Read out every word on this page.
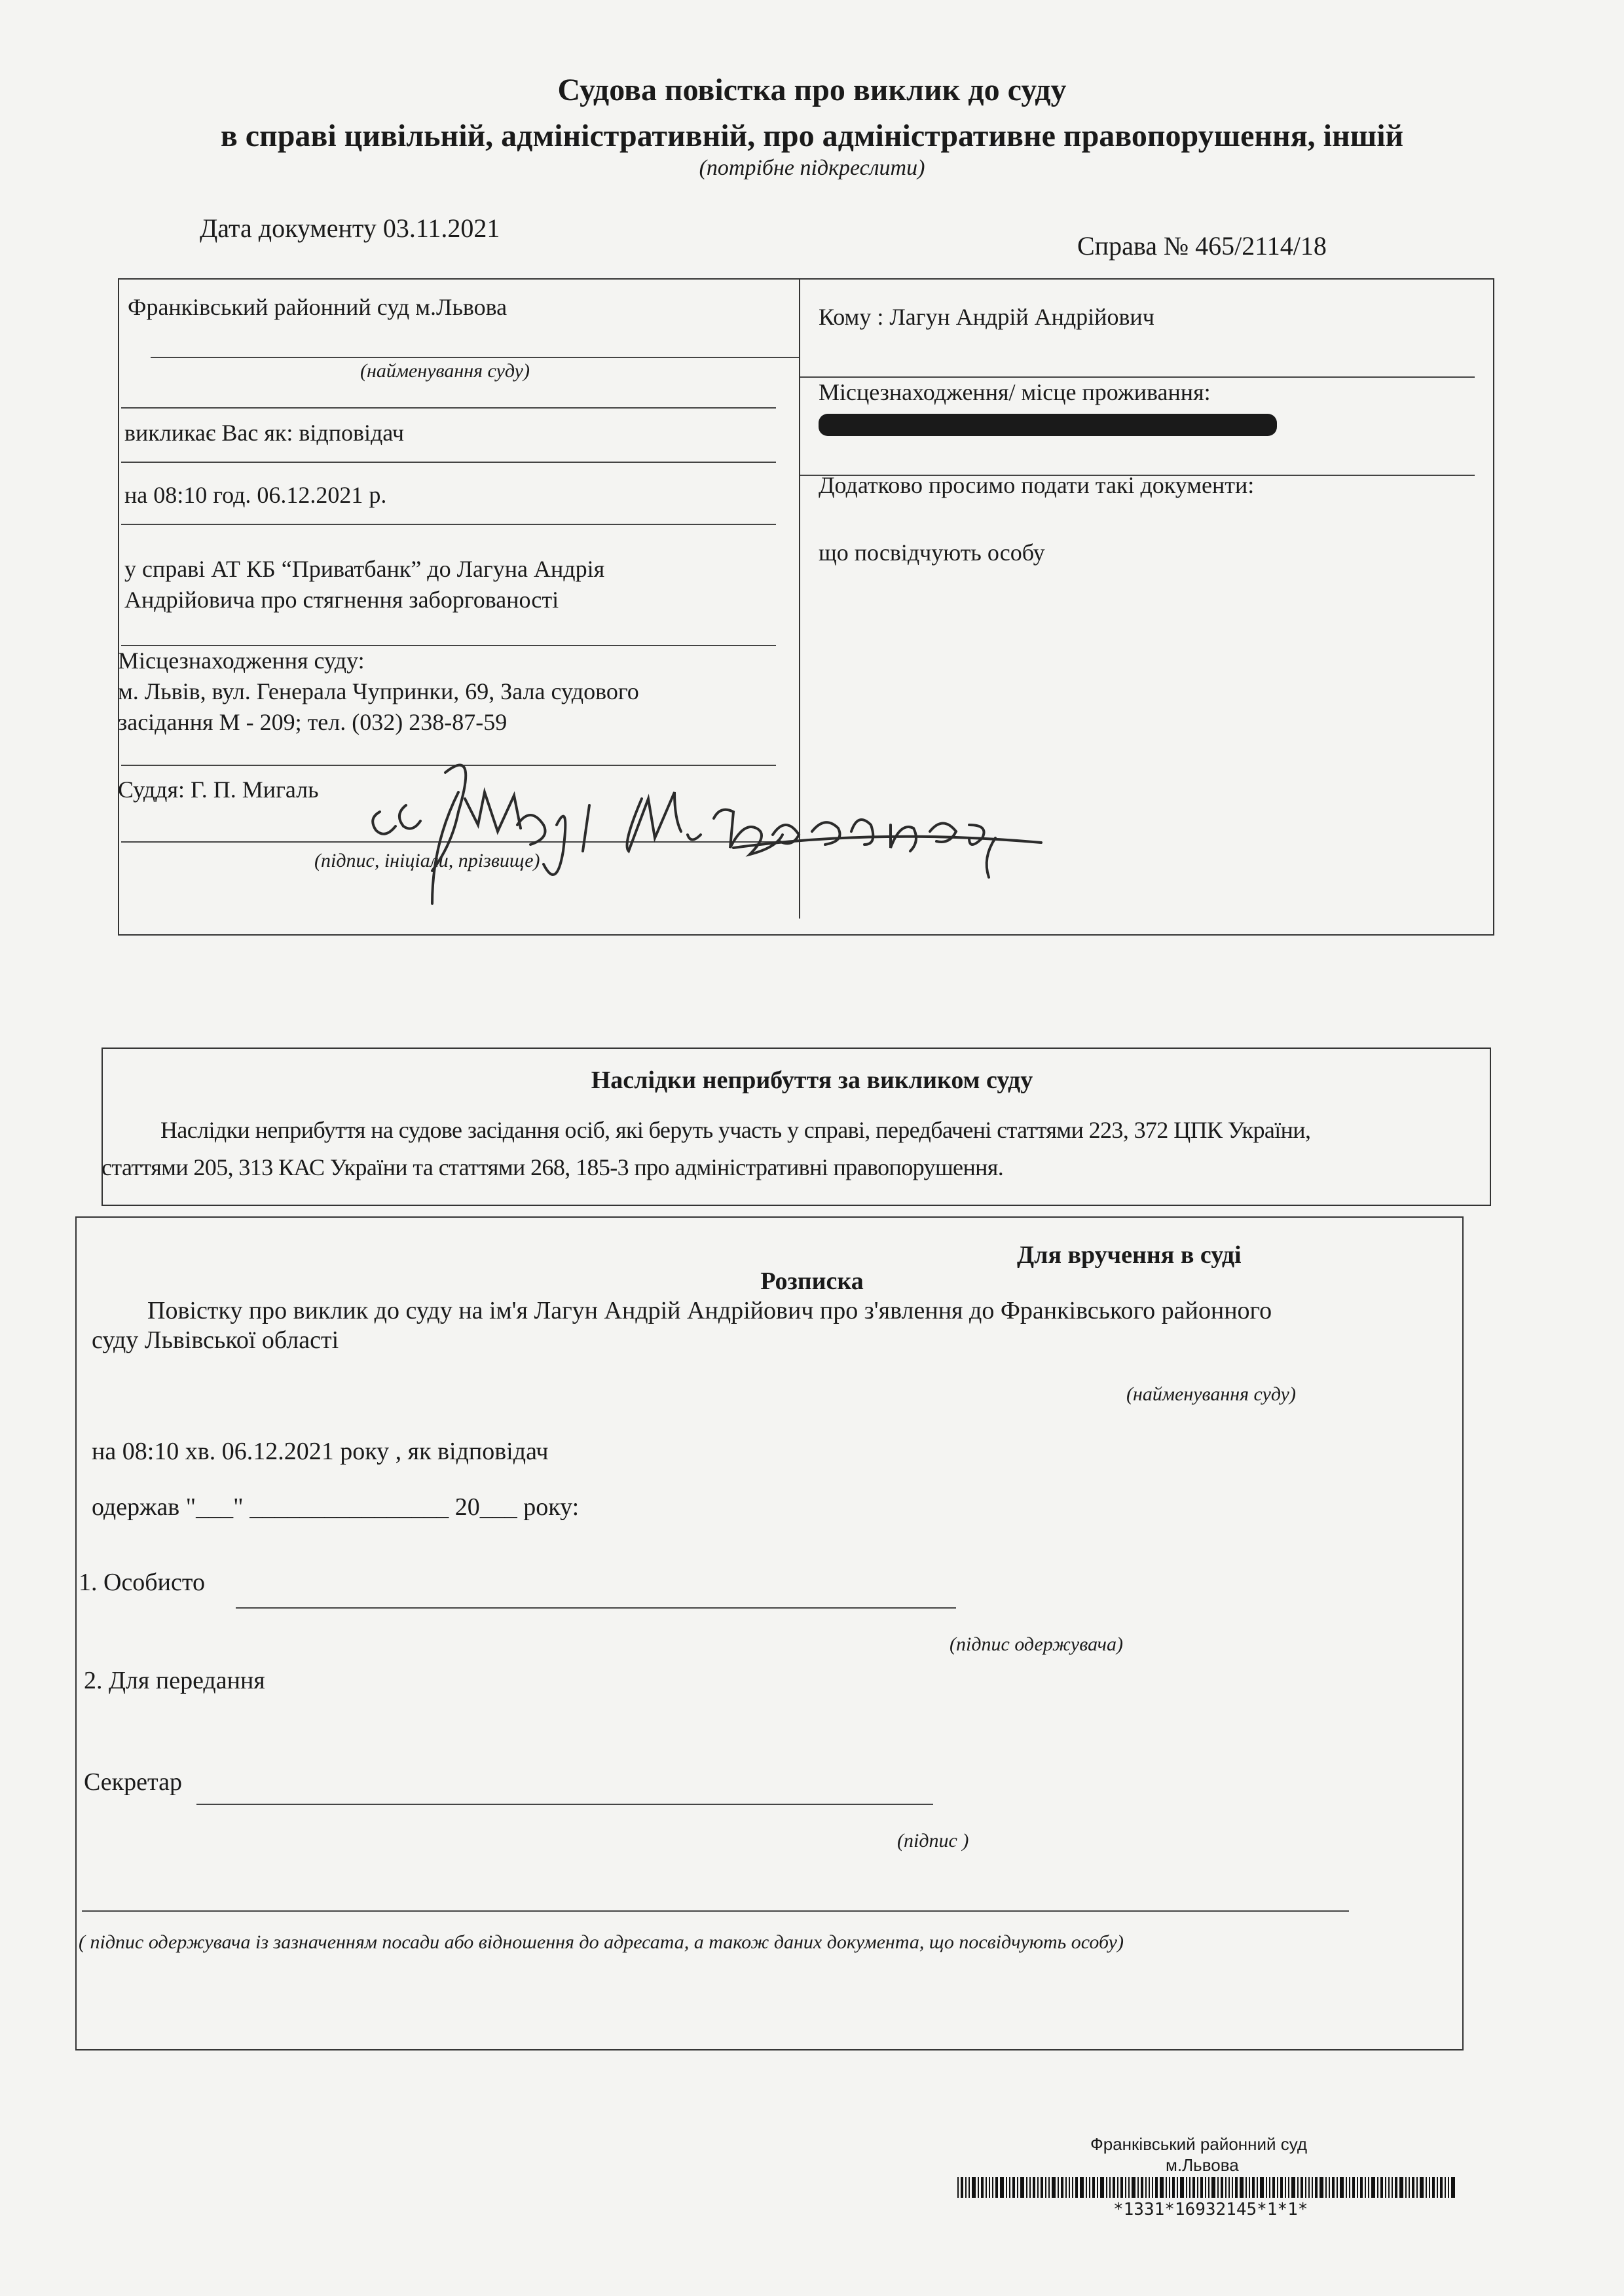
Судова повістка про виклик до суду
в справі цивільній, адміністративній, про адміністративне правопорушення, іншій
(потрібне підкреслити)
Дата документу 03.11.2021
Справа № 465/2114/18
Франківський районний суд м.Львова
(найменування суду)
викликає Вас як: відповідач
на 08:10 год. 06.12.2021 р.
у справі АТ КБ “Приватбанк” до Лагуна Андрія
Андрійовича про стягнення заборгованості
Місцезнаходження суду:
м. Львів, вул. Генерала Чупринки, 69, Зала судового
засідання М - 209; тел. (032) 238-87-59
Суддя: Г. П. Мигаль
(підпис, ініціали, прізвище)
Кому : Лагун Андрій Андрійович
Місцезнаходження/ місце проживання:
Додатково просимо подати такі документи:
що посвідчують особу
Наслідки неприбуття за викликом суду
Наслідки неприбуття на судове засідання осіб, які беруть участь у справі, передбачені статтями 223, 372 ЦПК України,
статтями 205, 313 КАС України та статтями 268, 185-3 про адміністративні правопорушення.
Для вручення в суді
Розписка
Повістку про виклик до суду на ім'я Лагун Андрій Андрійович про з'явлення до Франківського районного
суду Львівської області
(найменування суду)
на 08:10 хв. 06.12.2021 року , як відповідач
одержав "___" ________________ 20___ року:
1. Особисто
(підпис одержувача)
2. Для передання
Секретар
(підпис )
( підпис одержувача із зазначенням посади або відношення до адресата, а також даних документа, що посвідчують особу)
Франківський районний суд
м.Львова
*1331*16932145*1*1*
